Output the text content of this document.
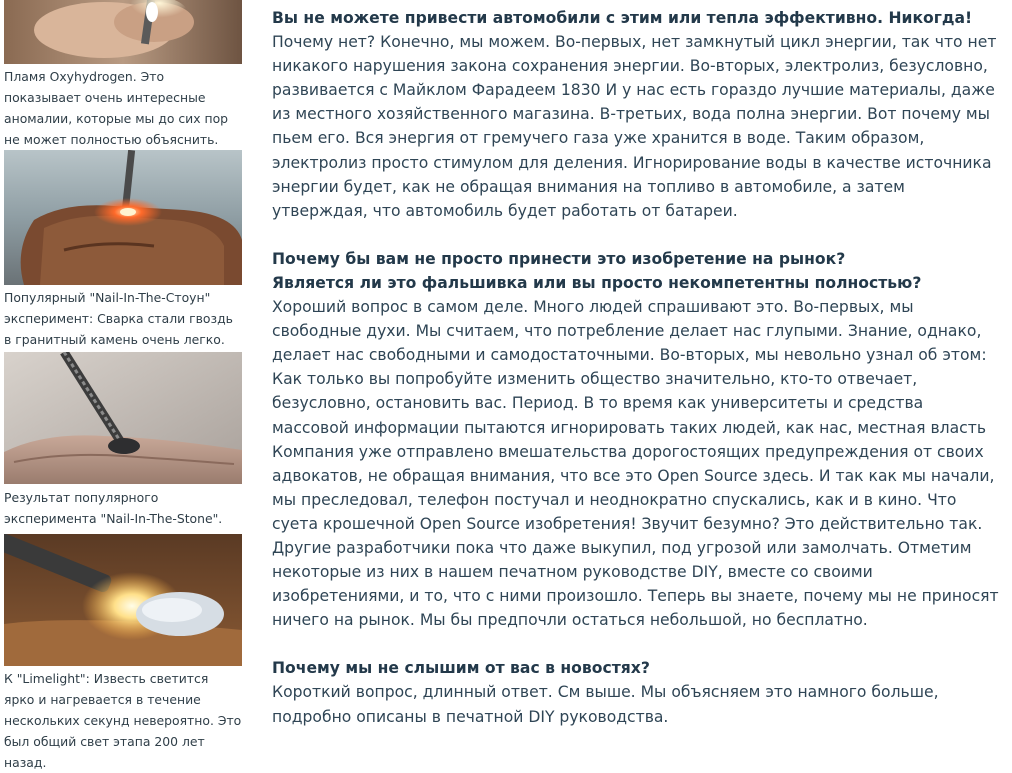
Пламя Oxyhydrogen. Это показывает очень интересные аномалии, которые мы до сих пор не может полностью объяснить.

Популярный "Nail-In-The-Стоун" эксперимент: Сварка стали гвоздь в гранитный камень очень легко.

Результат популярного эксперимента "Nail-In-The-Stone".

К "Limelight": Известь светится ярко и нагревается в течение нескольких секунд невероятно. Это был общий свет этапа 200 лет назад.

Вы не можете привести автомобили с этим или тепла эффективно. Никогда!

Почему нет? Конечно, мы можем. Во-первых, нет замкнутый цикл энергии, так что нет никакого нарушения закона сохранения энергии. Во-вторых, электролиз, безусловно, развивается с Майклом Фарадеем 1830 И у нас есть гораздо лучшие материалы, даже из местного хозяйственного магазина. В-третьих, вода полна энергии. Вот почему мы пьем его. Вся энергия от гремучего газа уже хранится в воде. Таким образом, электролиз просто стимулом для деления. Игнорирование воды в качестве источника энергии будет, как не обращая внимания на топливо в автомобиле, а затем утверждая, что автомобиль будет работать от батареи.

Почему бы вам не просто принести это изобретение на рынок?

Является ли это фальшивка или вы просто некомпетентны полностью?

Хороший вопрос в самом деле. Много людей спрашивают это. Во-первых, мы свободные духи. Мы считаем, что потребление делает нас глупыми. Знание, однако, делает нас свободными и самодостаточными. Во-вторых, мы невольно узнал об этом: Как только вы попробуйте изменить общество значительно, кто-то отвечает, безусловно, остановить вас. Период. В то время как университеты и средства массовой информации пытаются игнорировать таких людей, как нас, местная власть Компания уже отправлено вмешательства дорогостоящих предупреждения от своих адвокатов, не обращая внимания, что все это Open Source здесь. И так как мы начали, мы преследовал, телефон постучал и неоднократно спускались, как и в кино. Что суета крошечной Open Source изобретения! Звучит безумно? Это действительно так. Другие разработчики пока что даже выкупил, под угрозой или замолчать. Отметим некоторые из них в нашем печатном руководстве DIY, вместе со своими изобретениями, и то, что с ними произошло. Теперь вы знаете, почему мы не приносят ничего на рынок. Мы бы предпочли остаться небольшой, но бесплатно.

Почему мы не слышим от вас в новостях?

Короткий вопрос, длинный ответ. См выше. Мы объясняем это намного больше, подробно описаны в печатной DIY руководства.
